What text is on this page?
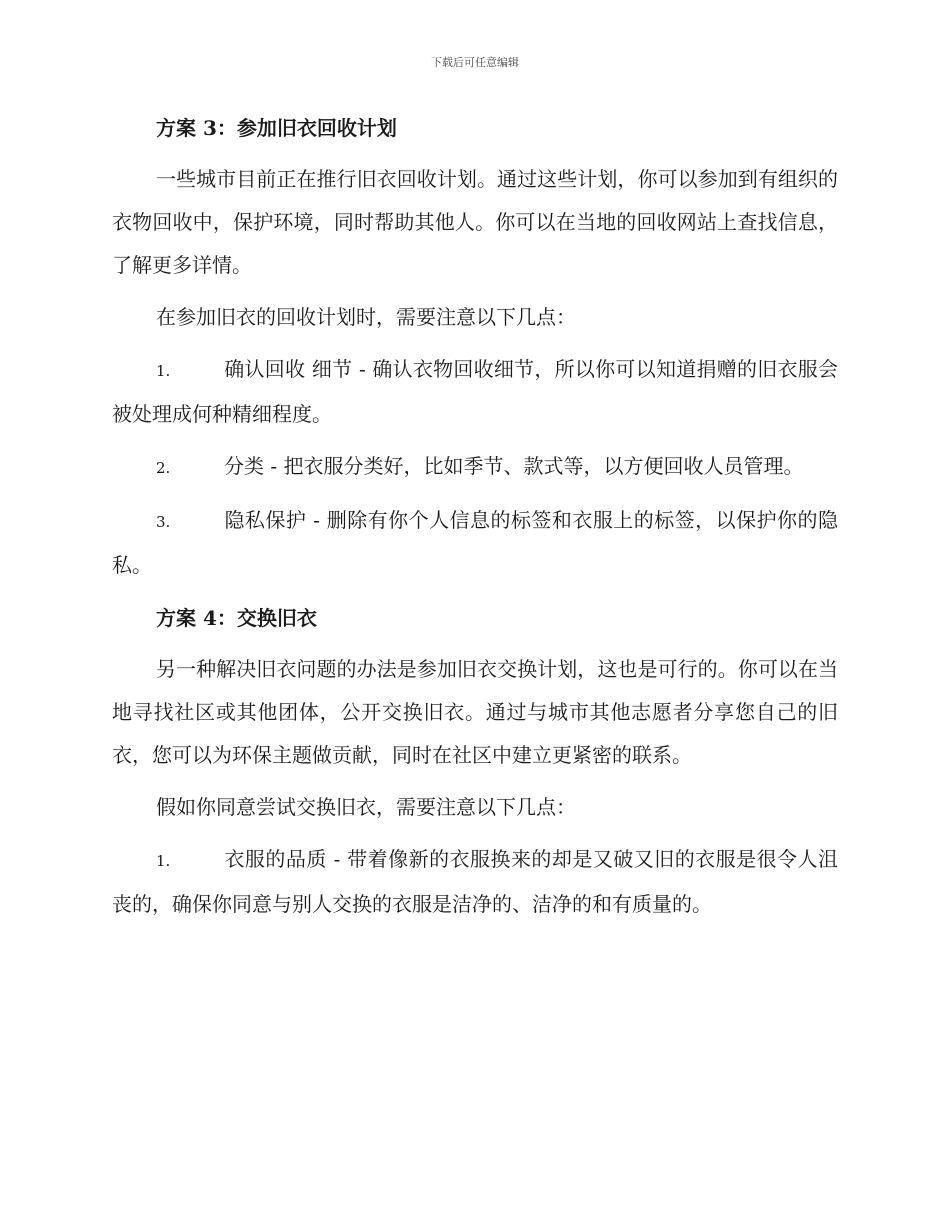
下载后可任意编辑
方案 3：参加旧衣回收计划

一些城市目前正在推行旧衣回收计划。通过这些计划，你可以参加到有组织的衣物回收中，保护环境，同时帮助其他人。你可以在当地的回收网站上查找信息，了解更多详情。

在参加旧衣的回收计划时，需要注意以下几点：

1.	确认回收 细节 - 确认衣物回收细节，所以你可以知道捐赠的旧衣服会被处理成何种精细程度。

2.	分类 - 把衣服分类好，比如季节、款式等，以方便回收人员管理。

3.	隐私保护 - 删除有你个人信息的标签和衣服上的标签，以保护你的隐私。

方案 4：交换旧衣

另一种解决旧衣问题的办法是参加旧衣交换计划，这也是可行的。你可以在当地寻找社区或其他团体，公开交换旧衣。通过与城市其他志愿者分享您自己的旧衣，您可以为环保主题做贡献，同时在社区中建立更紧密的联系。

假如你同意尝试交换旧衣，需要注意以下几点：

1.	衣服的品质 - 带着像新的衣服换来的却是又破又旧的衣服是很令人沮丧的，确保你同意与别人交换的衣服是洁净的、洁净的和有质量的。
